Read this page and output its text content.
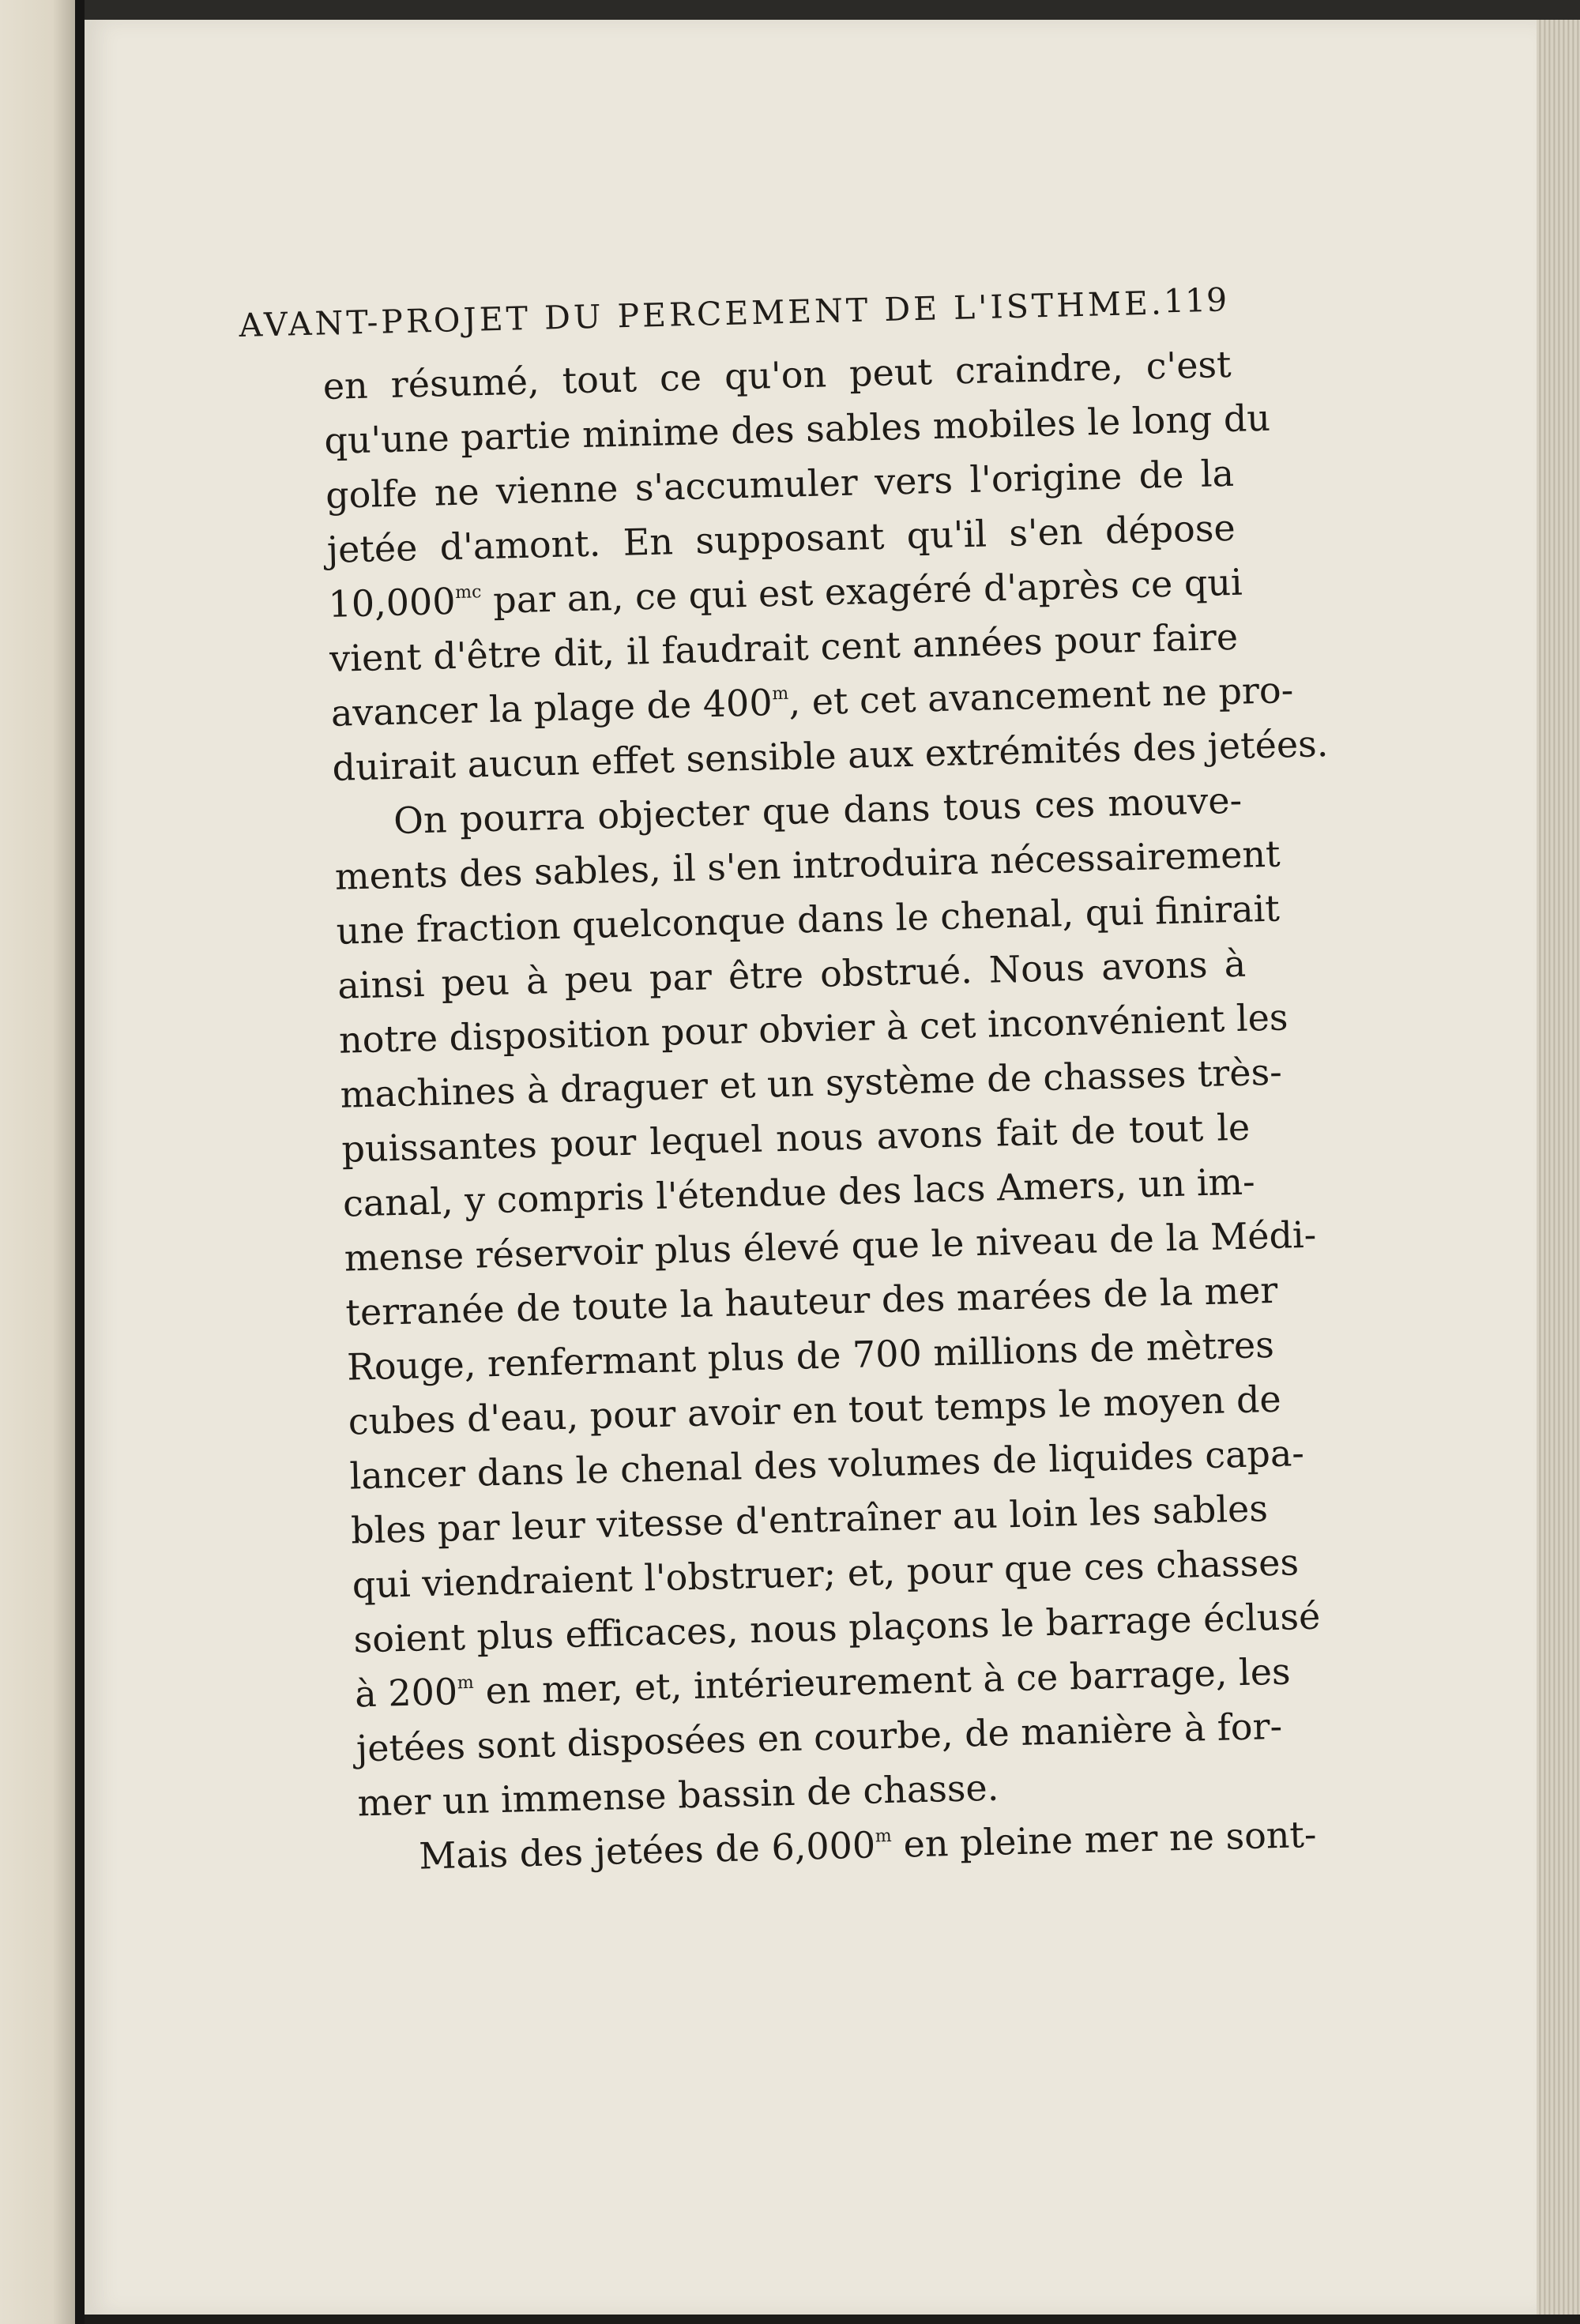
AVANT-PROJET DU PERCEMENT DE L'ISTHME.
119
en résumé, tout ce qu'on peut craindre, c'est
qu'une partie minime des sables mobiles le long du
golfe ne vienne s'accumuler vers l'origine de la
jetée d'amont. En supposant qu'il s'en dépose
$10,000^{mc}$ par an, ce qui est exagéré d'après ce qui
vient d'être dit, il faudrait cent années pour faire
avancer la plage de 400$^m$, et cet avancement ne pro-
duirait aucun effet sensible aux extrémités des jetées.
On pourra objecter que dans tous ces mouve-
ments des sables, il s'en introduira nécessairement
une fraction quelconque dans le chenal, qui finirait
ainsi peu à peu par être obstrué. Nous avons à
notre disposition pour obvier à cet inconvénient les
machines à draguer et un système de chasses très-
puissantes pour lequel nous avons fait de tout le
canal, y compris l'étendue des lacs Amers, un im-
mense réservoir plus élevé que le niveau de la Médi-
terranée de toute la hauteur des marées de la mer
Rouge, renfermant plus de 700 millions de mètres
cubes d'eau, pour avoir en tout temps le moyen de
lancer dans le chenal des volumes de liquides capa-
bles par leur vitesse d'entraîner au loin les sables
qui viendraient l'obstruer; et, pour que ces chasses
soient plus efficaces, nous plaçons le barrage éclusé
à 200$^m$ en mer, et, intérieurement à ce barrage, les
jetées sont disposées en courbe, de manière à for-
mer un immense bassin de chasse.
Mais des jetées de 6,000$^m$ en pleine mer ne sont-
